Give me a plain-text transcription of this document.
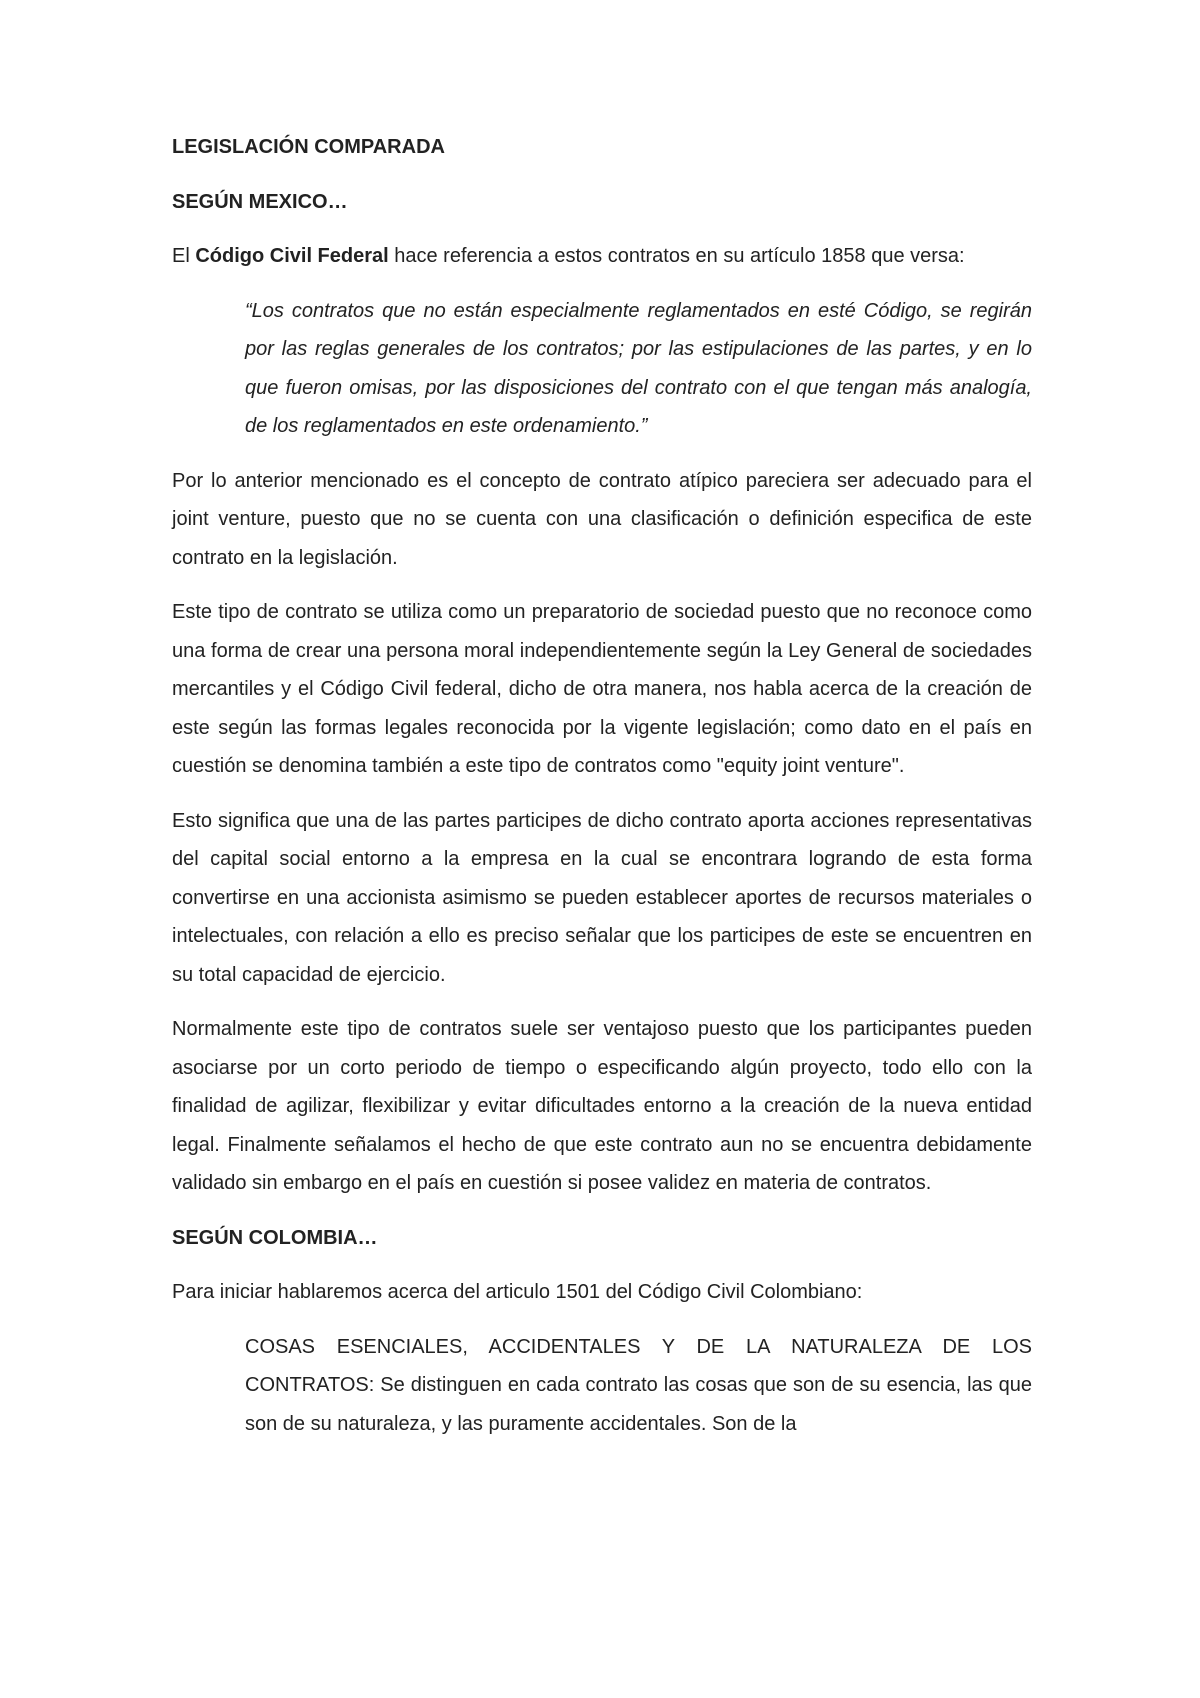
LEGISLACIÓN COMPARADA
SEGÚN MEXICO…

El Código Civil Federal hace referencia a estos contratos en su artículo 1858 que versa:

“Los contratos que no están especialmente reglamentados en esté Código, se regirán por las reglas generales de los contratos; por las estipulaciones de las partes, y en lo que fueron omisas, por las disposiciones del contrato con el que tengan más analogía, de los reglamentados en este ordenamiento.”

Por lo anterior mencionado es el concepto de contrato atípico pareciera ser adecuado para el joint venture, puesto que no se cuenta con una clasificación o definición especifica de este contrato en la legislación.

Este tipo de contrato se utiliza como un preparatorio de sociedad puesto que no reconoce como una forma de crear una persona moral independientemente según la Ley General de sociedades mercantiles y el Código Civil federal, dicho de otra manera, nos habla acerca de la creación de este según las formas legales reconocida por la vigente legislación; como dato en el país en cuestión se denomina también a este tipo de contratos como "equity joint venture".

Esto significa que una de las partes participes de dicho contrato aporta acciones representativas del capital social entorno a la empresa en la cual se encontrara logrando de esta forma convertirse en una accionista asimismo se pueden establecer aportes de recursos materiales o intelectuales, con relación a ello es preciso señalar que los participes de este se encuentren en su total capacidad de ejercicio.

Normalmente este tipo de contratos suele ser ventajoso puesto que los participantes pueden asociarse por un corto periodo de tiempo o especificando algún proyecto, todo ello con la finalidad de agilizar, flexibilizar y evitar dificultades entorno a la creación de la nueva entidad legal. Finalmente señalamos el hecho de que este contrato aun no se encuentra debidamente validado sin embargo en el país en cuestión si posee validez en materia de contratos.

SEGÚN COLOMBIA…

Para iniciar hablaremos acerca del articulo 1501 del Código Civil Colombiano:

COSAS ESENCIALES, ACCIDENTALES Y DE LA NATURALEZA DE LOS CONTRATOS: Se distinguen en cada contrato las cosas que son de su esencia, las que son de su naturaleza, y las puramente accidentales. Son de la
